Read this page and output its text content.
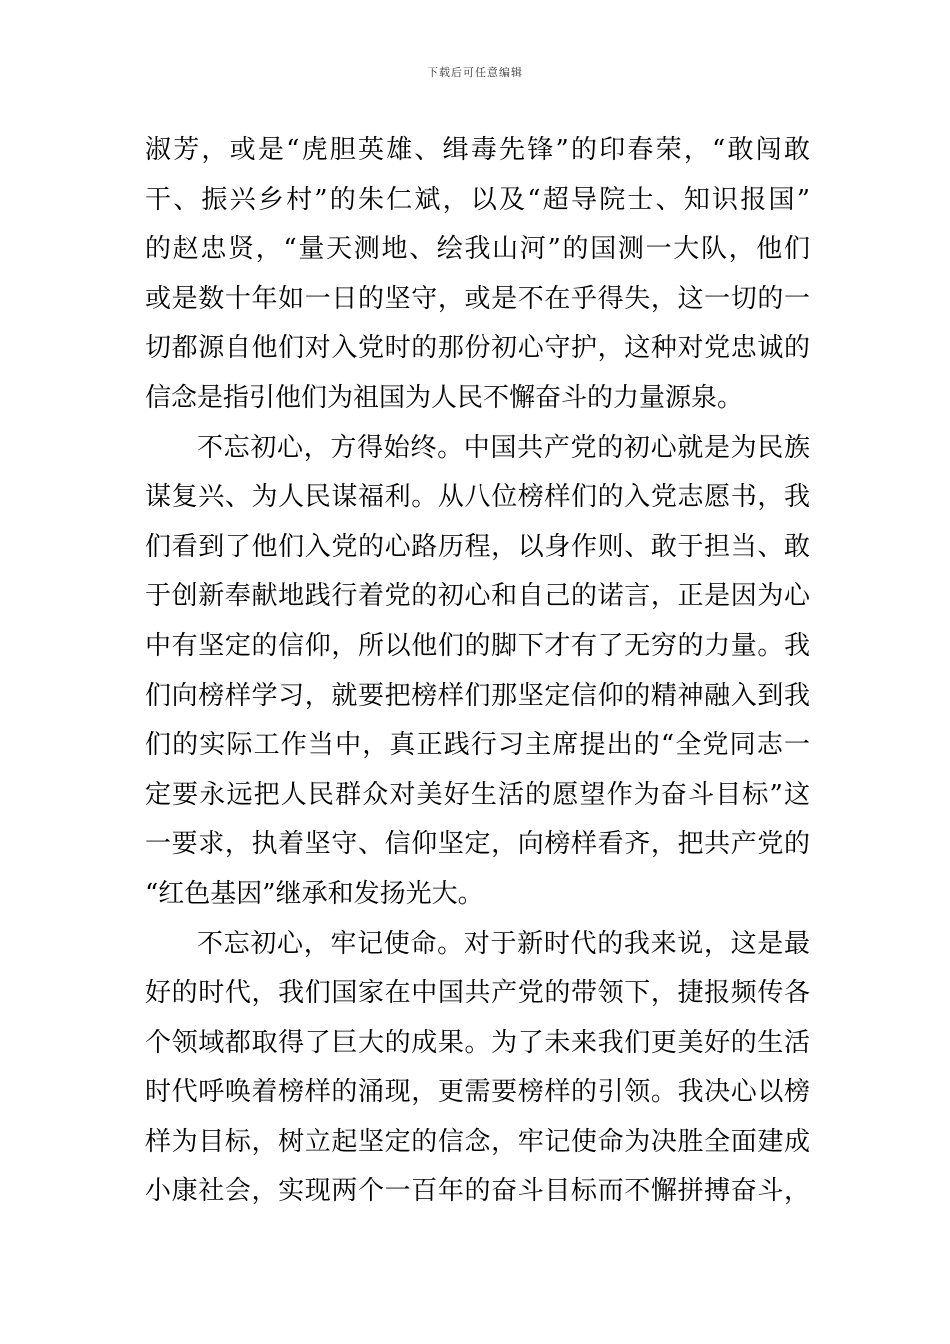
下载后可任意编辑
淑芳，或是“虎胆英雄、缉毒先锋”的印春荣，“敢闯敢
干、振兴乡村”的朱仁斌，以及“超导院士、知识报国”
的赵忠贤，“量天测地、绘我山河”的国测一大队，他们
或是数十年如一日的坚守，或是不在乎得失，这一切的一
切都源自他们对入党时的那份初心守护，这种对党忠诚的
信念是指引他们为祖国为人民不懈奋斗的力量源泉。
不忘初心，方得始终。中国共产党的初心就是为民族
谋复兴、为人民谋福利。从八位榜样们的入党志愿书，我
们看到了他们入党的心路历程，以身作则、敢于担当、敢
于创新奉献地践行着党的初心和自己的诺言，正是因为心
中有坚定的信仰，所以他们的脚下才有了无穷的力量。我
们向榜样学习，就要把榜样们那坚定信仰的精神融入到我
们的实际工作当中，真正践行习主席提出的“全党同志一
定要永远把人民群众对美好生活的愿望作为奋斗目标”这
一要求，执着坚守、信仰坚定，向榜样看齐，把共产党的
“红色基因”继承和发扬光大。
不忘初心，牢记使命。对于新时代的我来说，这是最
好的时代，我们国家在中国共产党的带领下，捷报频传各
个领域都取得了巨大的成果。为了未来我们更美好的生活
时代呼唤着榜样的涌现，更需要榜样的引领。我决心以榜
样为目标，树立起坚定的信念，牢记使命为决胜全面建成
小康社会，实现两个一百年的奋斗目标而不懈拼搏奋斗，
